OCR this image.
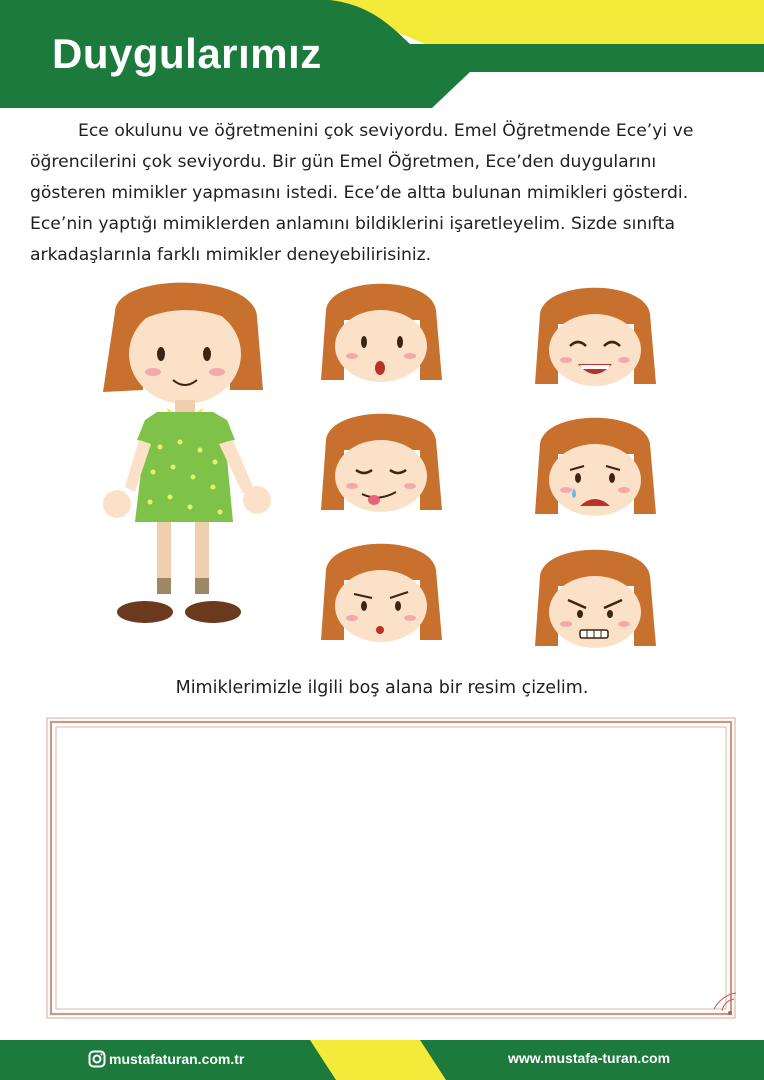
Duygularımız

Ece okulunu ve öğretmenini çok seviyordu. Emel Öğretmende Ece’yi ve öğrencilerini çok seviyordu. Bir gün Emel Öğretmen, Ece’den duygularını gösteren mimikler yapmasını istedi. Ece’de altta bulunan mimikleri gösterdi. Ece’nin yaptığı mimiklerden anlamını bildiklerini işaretleyelim. Sizde sınıfta arkadaşlarınla farklı mimikler deneyebilirisiniz.

Mimiklerimizle ilgili boş alana bir resim çizelim.
mustafaturan.com.tr	www.mustafa-turan.com
